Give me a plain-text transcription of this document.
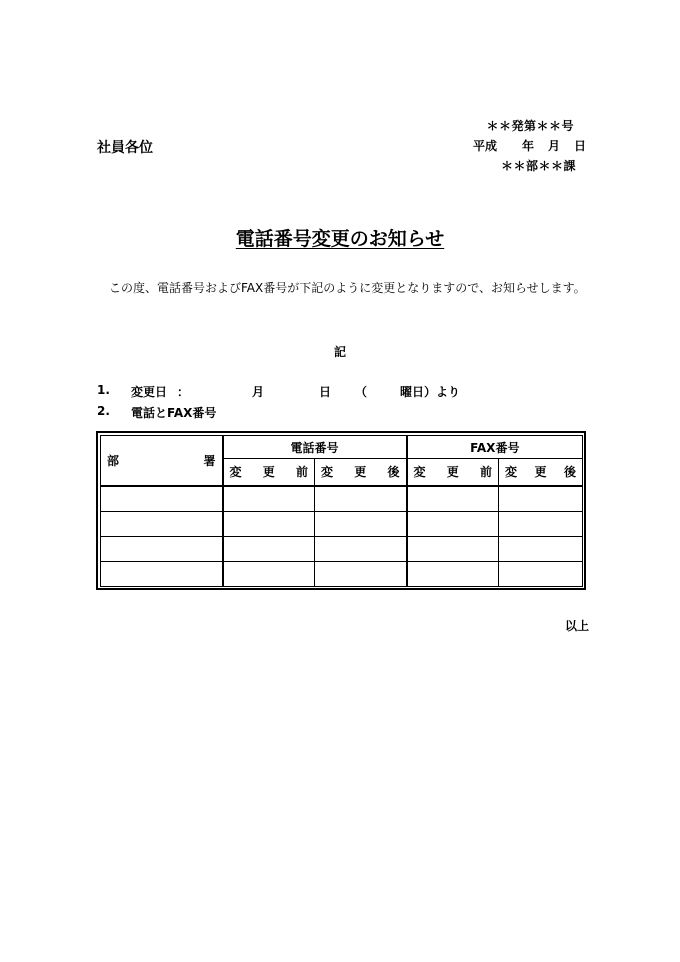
＊＊発第＊＊号
社員各位	平成 年 月 日
＊＊部＊＊課
電話番号変更のお知らせ
この度、電話番号およびFAX番号が下記のように変更となりますので、お知らせします。
記
1. 変更日 ：	月	日 （	曜日）より
2. 電話とFAX番号
部 署	電話番号		FAX番号	

	変 更 前	変 更 後	変 更 前	変 更 後

以上
